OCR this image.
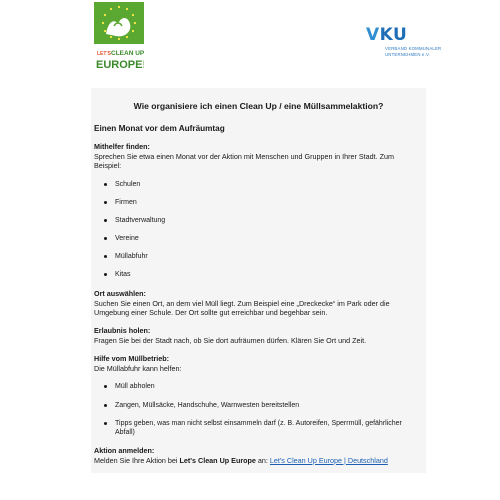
LET'S CLEAN UP
EUROPE!
VKU
VERBAND KOMMUNALER
UNTERNEHMEN e.V.
Wie organisiere ich einen Clean Up / eine Müllsammelaktion?
Einen Monat vor dem Aufräumtag
Mithelfer finden:
Sprechen Sie etwa einen Monat vor der Aktion mit Menschen und Gruppen in Ihrer Stadt. Zum Beispiel:
Schulen
Firmen
Stadtverwaltung
Vereine
Müllabfuhr
Kitas
Ort auswählen:
Suchen Sie einen Ort, an dem viel Müll liegt. Zum Beispiel eine „Dreckecke“ im Park oder die Umgebung einer Schule. Der Ort sollte gut erreichbar und begehbar sein.
Erlaubnis holen:
Fragen Sie bei der Stadt nach, ob Sie dort aufräumen dürfen. Klären Sie Ort und Zeit.
Hilfe vom Müllbetrieb:
Die Müllabfuhr kann helfen:
Müll abholen
Zangen, Müllsäcke, Handschuhe, Warnwesten bereitstellen
Tipps geben, was man nicht selbst einsammeln darf (z. B. Autoreifen, Sperrmüll, gefährlicher Abfall)
Aktion anmelden:
Melden Sie Ihre Aktion bei Let's Clean Up Europe an: Let's Clean Up Europe | Deutschland
